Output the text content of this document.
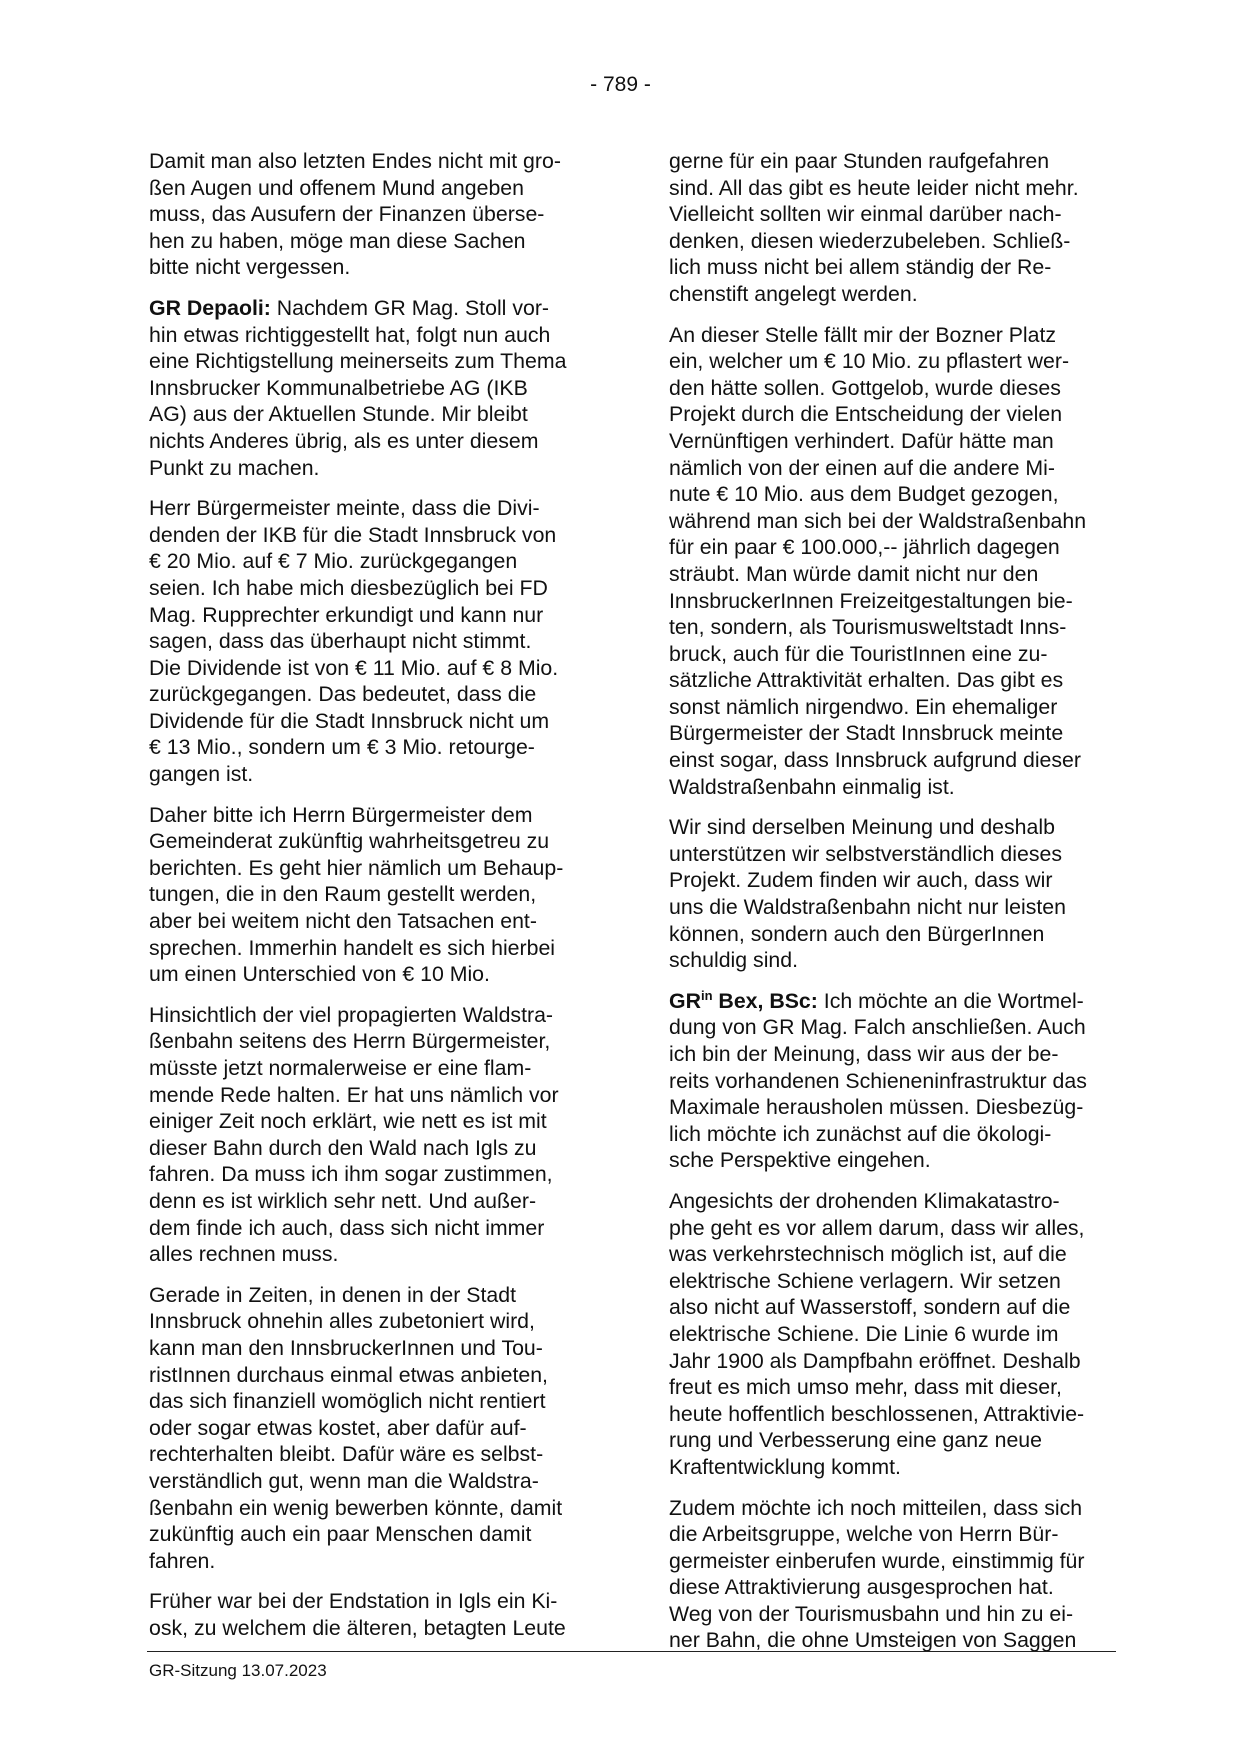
- 789 -

Damit man also letzten Endes nicht mit gro-
ßen Augen und offenem Mund angeben
muss, das Ausufern der Finanzen überse-
hen zu haben, möge man diese Sachen
bitte nicht vergessen.

GR Depaoli: Nachdem GR Mag. Stoll vor-
hin etwas richtiggestellt hat, folgt nun auch
eine Richtigstellung meinerseits zum Thema
Innsbrucker Kommunalbetriebe AG (IKB
AG) aus der Aktuellen Stunde. Mir bleibt
nichts Anderes übrig, als es unter diesem
Punkt zu machen.

Herr Bürgermeister meinte, dass die Divi-
denden der IKB für die Stadt Innsbruck von
€ 20 Mio. auf € 7 Mio. zurückgegangen
seien. Ich habe mich diesbezüglich bei FD
Mag. Rupprechter erkundigt und kann nur
sagen, dass das überhaupt nicht stimmt.
Die Dividende ist von € 11 Mio. auf € 8 Mio.
zurückgegangen. Das bedeutet, dass die
Dividende für die Stadt Innsbruck nicht um
€ 13 Mio., sondern um € 3 Mio. retourge-
gangen ist.

Daher bitte ich Herrn Bürgermeister dem
Gemeinderat zukünftig wahrheitsgetreu zu
berichten. Es geht hier nämlich um Behaup-
tungen, die in den Raum gestellt werden,
aber bei weitem nicht den Tatsachen ent-
sprechen. Immerhin handelt es sich hierbei
um einen Unterschied von € 10 Mio.

Hinsichtlich der viel propagierten Waldstra-
ßenbahn seitens des Herrn Bürgermeister,
müsste jetzt normalerweise er eine flam-
mende Rede halten. Er hat uns nämlich vor
einiger Zeit noch erklärt, wie nett es ist mit
dieser Bahn durch den Wald nach Igls zu
fahren. Da muss ich ihm sogar zustimmen,
denn es ist wirklich sehr nett. Und außer-
dem finde ich auch, dass sich nicht immer
alles rechnen muss.

Gerade in Zeiten, in denen in der Stadt
Innsbruck ohnehin alles zubetoniert wird,
kann man den InnsbruckerInnen und Tou-
ristInnen durchaus einmal etwas anbieten,
das sich finanziell womöglich nicht rentiert
oder sogar etwas kostet, aber dafür auf-
rechterhalten bleibt. Dafür wäre es selbst-
verständlich gut, wenn man die Waldstra-
ßenbahn ein wenig bewerben könnte, damit
zukünftig auch ein paar Menschen damit
fahren.

Früher war bei der Endstation in Igls ein Ki-
osk, zu welchem die älteren, betagten Leute

gerne für ein paar Stunden raufgefahren
sind. All das gibt es heute leider nicht mehr.
Vielleicht sollten wir einmal darüber nach-
denken, diesen wiederzubeleben. Schließ-
lich muss nicht bei allem ständig der Re-
chenstift angelegt werden.

An dieser Stelle fällt mir der Bozner Platz
ein, welcher um € 10 Mio. zu pflastert wer-
den hätte sollen. Gottgelob, wurde dieses
Projekt durch die Entscheidung der vielen
Vernünftigen verhindert. Dafür hätte man
nämlich von der einen auf die andere Mi-
nute € 10 Mio. aus dem Budget gezogen,
während man sich bei der Waldstraßenbahn
für ein paar € 100.000,-- jährlich dagegen
sträubt. Man würde damit nicht nur den
InnsbruckerInnen Freizeitgestaltungen bie-
ten, sondern, als Tourismusweltstadt Inns-
bruck, auch für die TouristInnen eine zu-
sätzliche Attraktivität erhalten. Das gibt es
sonst nämlich nirgendwo. Ein ehemaliger
Bürgermeister der Stadt Innsbruck meinte
einst sogar, dass Innsbruck aufgrund dieser
Waldstraßenbahn einmalig ist.

Wir sind derselben Meinung und deshalb
unterstützen wir selbstverständlich dieses
Projekt. Zudem finden wir auch, dass wir
uns die Waldstraßenbahn nicht nur leisten
können, sondern auch den BürgerInnen
schuldig sind.

$GR^{in}$ Bex, BSc: Ich möchte an die Wortmel-
dung von GR Mag. Falch anschließen. Auch
ich bin der Meinung, dass wir aus der be-
reits vorhandenen Schieneninfrastruktur das
Maximale herausholen müssen. Diesbezüg-
lich möchte ich zunächst auf die ökologi-
sche Perspektive eingehen.

Angesichts der drohenden Klimakatastro-
phe geht es vor allem darum, dass wir alles,
was verkehrstechnisch möglich ist, auf die
elektrische Schiene verlagern. Wir setzen
also nicht auf Wasserstoff, sondern auf die
elektrische Schiene. Die Linie 6 wurde im
Jahr 1900 als Dampfbahn eröffnet. Deshalb
freut es mich umso mehr, dass mit dieser,
heute hoffentlich beschlossenen, Attraktivie-
rung und Verbesserung eine ganz neue
Kraftentwicklung kommt.

Zudem möchte ich noch mitteilen, dass sich
die Arbeitsgruppe, welche von Herrn Bür-
germeister einberufen wurde, einstimmig für
diese Attraktivierung ausgesprochen hat.
Weg von der Tourismusbahn und hin zu ei-
ner Bahn, die ohne Umsteigen von Saggen

GR-Sitzung 13.07.2023
